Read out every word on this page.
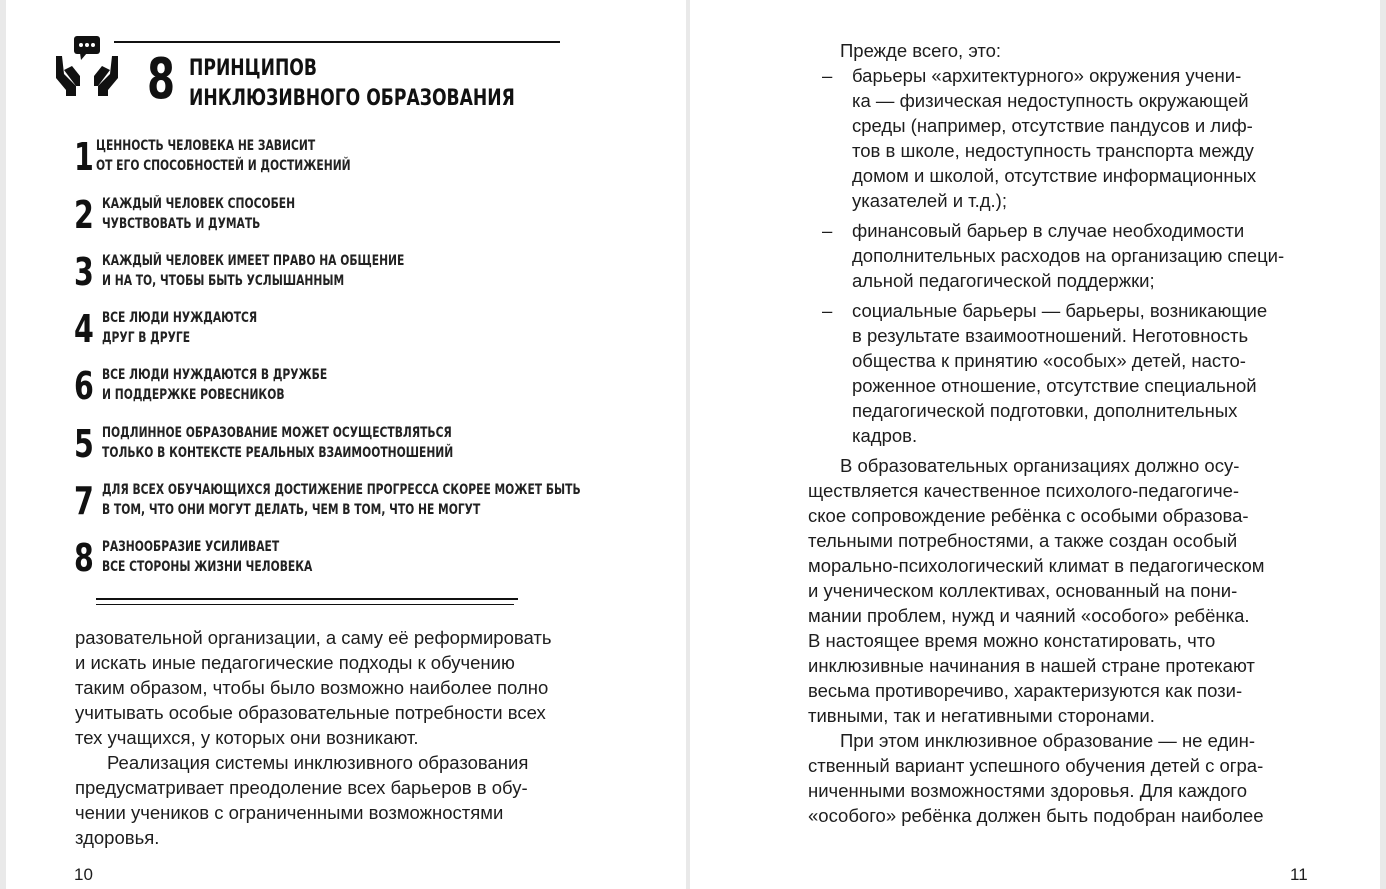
8 ПРИНЦИПОВ
ИНКЛЮЗИВНОГО ОБРАЗОВАНИЯ
1 ЦЕННОСТЬ ЧЕЛОВЕКА НЕ ЗАВИСИТ
ОТ ЕГО СПОСОБНОСТЕЙ И ДОСТИЖЕНИЙ
2 КАЖДЫЙ ЧЕЛОВЕК СПОСОБЕН
ЧУВСТВОВАТЬ И ДУМАТЬ
3 КАЖДЫЙ ЧЕЛОВЕК ИМЕЕТ ПРАВО НА ОБЩЕНИЕ
И НА ТО, ЧТОБЫ БЫТЬ УСЛЫШАННЫМ
4 ВСЕ ЛЮДИ НУЖДАЮТСЯ
ДРУГ В ДРУГЕ
6 ВСЕ ЛЮДИ НУЖДАЮТСЯ В ДРУЖБЕ
И ПОДДЕРЖКЕ РОВЕСНИКОВ
5 ПОДЛИННОЕ ОБРАЗОВАНИЕ МОЖЕТ ОСУЩЕСТВЛЯТЬСЯ
ТОЛЬКО В КОНТЕКСТЕ РЕАЛЬНЫХ ВЗАИМООТНОШЕНИЙ
7 ДЛЯ ВСЕХ ОБУЧАЮЩИХСЯ ДОСТИЖЕНИЕ ПРОГРЕССА СКОРЕЕ МОЖЕТ БЫТЬ
В ТОМ, ЧТО ОНИ МОГУТ ДЕЛАТЬ, ЧЕМ В ТОМ, ЧТО НЕ МОГУТ
8 РАЗНООБРАЗИЕ УСИЛИВАЕТ
ВСЕ СТОРОНЫ ЖИЗНИ ЧЕЛОВЕКА
разовательной организации, а саму её реформировать
и искать иные педагогические подходы к обучению
таким образом, чтобы было возможно наиболее полно
учитывать особые образовательные потребности всех
тех учащихся, у которых они возникают.
Реализация системы инклюзивного образования
предусматривает преодоление всех барьеров в обу-
чении учеников с ограниченными возможностями
здоровья.
10
Прежде всего, это:
– барьеры «архитектурного» окружения учени-
ка — физическая недоступность окружающей
среды (например, отсутствие пандусов и лиф-
тов в школе, недоступность транспорта между
домом и школой, отсутствие информационных
указателей и т.д.);
– финансовый барьер в случае необходимости
дополнительных расходов на организацию специ-
альной педагогической поддержки;
– социальные барьеры — барьеры, возникающие
в результате взаимоотношений. Неготовность
общества к принятию «особых» детей, насто-
роженное отношение, отсутствие специальной
педагогической подготовки, дополнительных
кадров.
В образовательных организациях должно осу-
ществляется качественное психолого-педагогиче-
ское сопровождение ребёнка с особыми образова-
тельными потребностями, а также создан особый
морально-психологический климат в педагогическом
и ученическом коллективах, основанный на пони-
мании проблем, нужд и чаяний «особого» ребёнка.
В настоящее время можно констатировать, что
инклюзивные начинания в нашей стране протекают
весьма противоречиво, характеризуются как пози-
тивными, так и негативными сторонами.
При этом инклюзивное образование — не един-
ственный вариант успешного обучения детей с огра-
ниченными возможностями здоровья. Для каждого
«особого» ребёнка должен быть подобран наиболее
11
